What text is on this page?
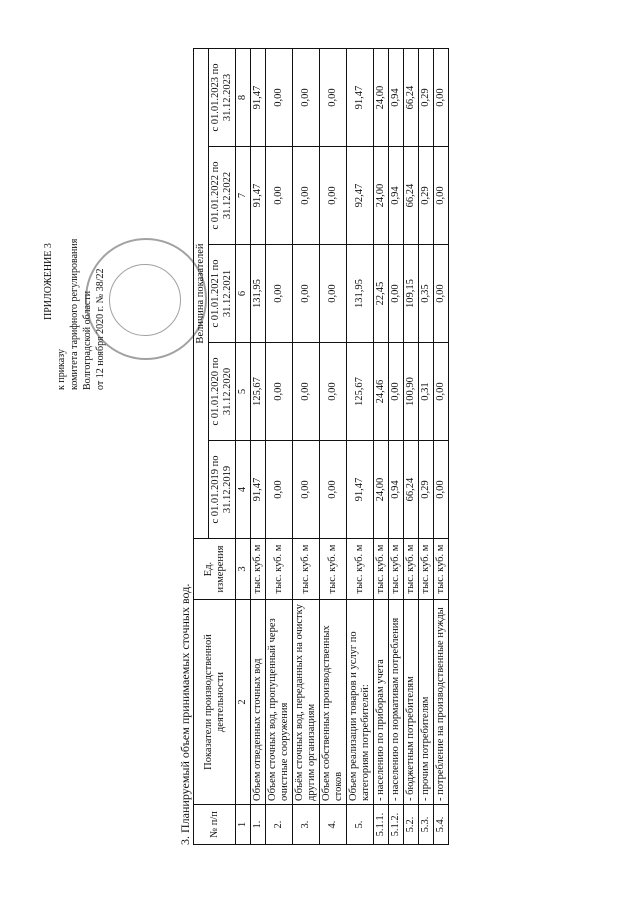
ПРИЛОЖЕНИЕ 3
к приказу комитета тарифного регулирования Волгоградской области от 12 ноября 2020 г. № 38/22
3. Планируемый объем принимаемых сточных вод. № п/п	Показатели производственной деятельности	Ед. измерения	Величина показателей				
			с 01.01.2019 по 31.12.2019	с 01.01.2020 по 31.12.2020	с 01.01.2021 по 31.12.2021	с 01.01.2022 по 31.12.2022	с 01.01.2023 по 31.12.2023
1	2	3	4	5	6	7	8
1.	Объем отведенных сточных вод	тыс. куб. м	91,47	125,67	131,95	91,47	91,47
2.	Объем сточных вод, пропущенный через очистные сооружения	тыс. куб. м	0,00	0,00	0,00	0,00	0,00
3.	Объём сточных вод, переданных на очистку другим организациям	тыс. куб. м	0,00	0,00	0,00	0,00	0,00
4.	Объем собственных производственных стоков	тыс. куб. м	0,00	0,00	0,00	0,00	0,00
5.	Объем реализации товаров и услуг по категориям потребителей:	тыс. куб. м	91,47	125,67	131,95	92,47	91,47
5.1.1.	- населению по приборам учета	тыс. куб. м	24,00	24,46	22,45	24,00	24,00
5.1.2.	- населению по нормативам потребления	тыс. куб. м	0,94	0,00	0,00	0,94	0,94
5.2.	- бюджетным потребителям	тыс. куб. м	66,24	100,90	109,15	66,24	66,24
5.3.	- прочим потребителям	тыс. куб. м	0,29	0,31	0,35	0,29	0,29
5.4.	- потребление на производственные нужды	тыс. куб. м	0,00	0,00	0,00	0,00	0,00
